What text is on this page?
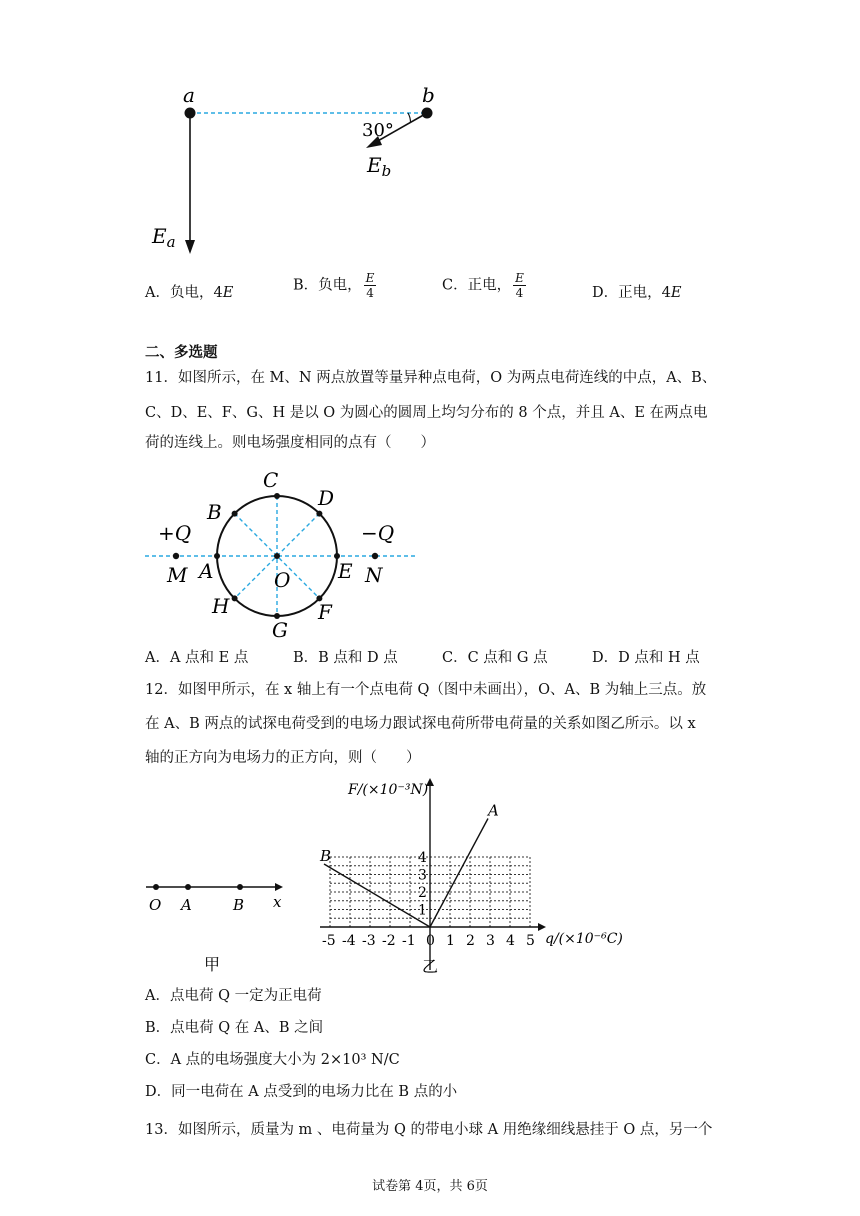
a	b
30°
$E_b$
$E_a$
A．负电，4E	B．负电， $\frac{E}{4}$	C．正电， $\frac{E}{4}$	D．正电，4E
二、多选题
11．如图所示，在 M、N 两点放置等量异种点电荷，O 为两点电荷连线的中点，A、B、
C、D、E、F、G、H 是以 O 为圆心的圆周上均匀分布的 8 个点，并且 A、E 在两点电
荷的连线上。则电场强度相同的点有（　　）
+Q	−Q
M	N
A	E
O
C
G
B
D
H	F
A．A 点和 E 点	B．B 点和 D 点	C．C 点和 G 点	D．D 点和 H 点
12．如图甲所示，在 x 轴上有一个点电荷 Q（图中未画出），O、A、B 为轴上三点。放
在 A、B 两点的试探电荷受到的电场力跟试探电荷所带电荷量的关系如图乙所示。以 x
轴的正方向为电场力的正方向，则（　　）
O A	B x
甲
-5 -4 -3 -2 -1 0 1 2 3 4 5
1
2
3
4
A
B
F/(×10⁻³N)
q/(×10⁻⁶C)
乙
A．点电荷 Q 一定为正电荷
B．点电荷 Q 在 A、B 之间
C．A 点的电场强度大小为 2×10³ N/C
D．同一电荷在 A 点受到的电场力比在 B 点的小
13．如图所示，质量为 m 、电荷量为 Q 的带电小球 A 用绝缘细线悬挂于 O 点，另一个
试卷第 4页，共 6页
